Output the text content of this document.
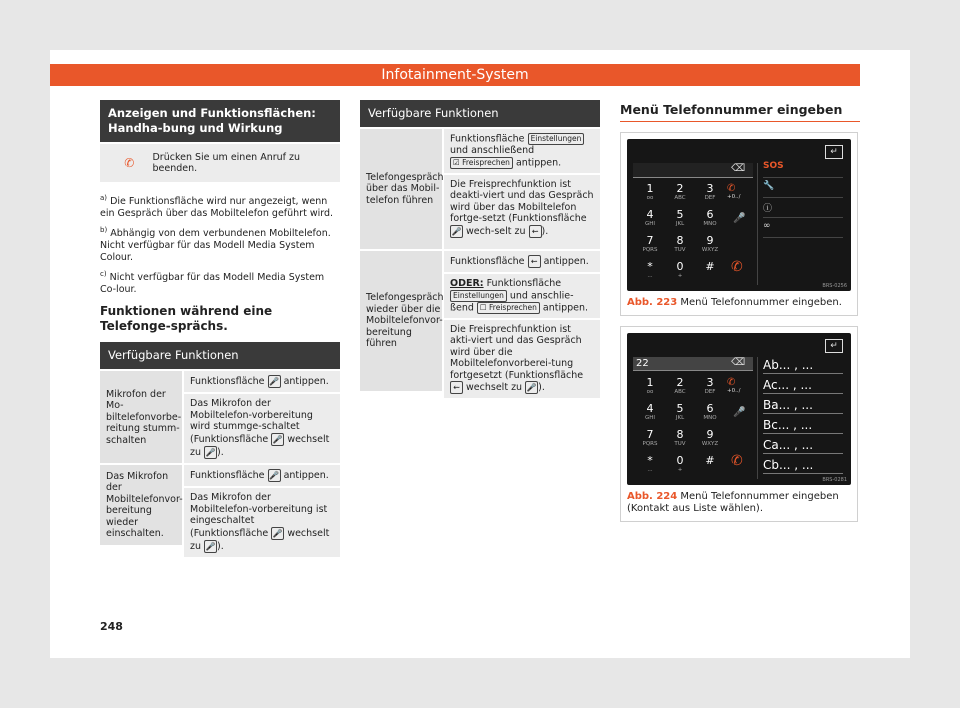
Infotainment-System
Anzeigen und Funktionsflächen: Handha-bung und Wirkung
✆	Drücken Sie um einen Anruf zu beenden.
$^{a)}$ Die Funktionsfläche wird nur angezeigt, wenn ein Gespräch über das Mobiltelefon geführt wird.
$^{b)}$ Abhängig von dem verbundenen Mobiltelefon. Nicht verfügbar für das Modell Media System Colour.
$^{c)}$ Nicht verfügbar für das Modell Media System Co-lour.
Funktionen während eine Telefonge-sprächs.
Verfügbare Funktionen
Mikrofon der Mo-biltelefonvorbe-reitung stumm-schalten
Funktionsfläche 🎤 antippen.
Das Mikrofon der Mobiltelefon-vorbereitung wird stummge-schaltet (Funktionsfläche 🎤 wechselt zu 🎤 ).
Das Mikrofon der Mobiltelefonvor-bereitung wieder einschalten.
Funktionsfläche 🎤 antippen.
Das Mikrofon der Mobiltelefon-vorbereitung ist eingeschaltet (Funktionsfläche 🎤 wechselt zu 🎤 ).
Verfügbare Funktionen
Telefongespräch über das Mobil-telefon führen
Funktionsfläche Einstellungen und anschließend ☑ Freisprechen antippen.
Die Freisprechfunktion ist deakti-viert und das Gespräch wird über das Mobiltelefon fortge-setzt (Funktionsfläche 🎤 wech-selt zu ⇜ ).
Telefongespräch wieder über die Mobiltelefonvor-bereitung führen
Funktionsfläche ⇜ antippen.
ODER: Funktionsfläche Einstellungen und anschlie-ßend ☐ Freisprechen antippen.
Die Freisprechfunktion ist akti-viert und das Gespräch wird über die Mobiltelefonvorberei-tung fortgesetzt (Funktionsfläche ⇜ wechselt zu 🎤 ).
Menü Telefonnummer eingeben
↵
⌫ SOS
🔧
ⓘ
∞
1
oo
2
ABC
3
DEF
4
GHI
5
JKL
6
MNO
7
PQRS
8
TUV
9
WXYZ
*
...
0
+
#
✆
+0../
🎤
✆
BRS-0256
Abb. 223 Menü Telefonnummer eingeben.
↵
22	⌫ Ab... , ...
Ac... , ...
Ba... , ...
Bc... , ...
Ca... , ...
Cb... , ...
1
oo
2
ABC
3
DEF
4
GHI
5
JKL
6
MNO
7
PQRS
8
TUV
9
WXYZ
*
...
0
+
#
✆
+0../
🎤
✆
BRS-0281
Abb. 224 Menü Telefonnummer eingeben (Kontakt aus Liste wählen).
248
